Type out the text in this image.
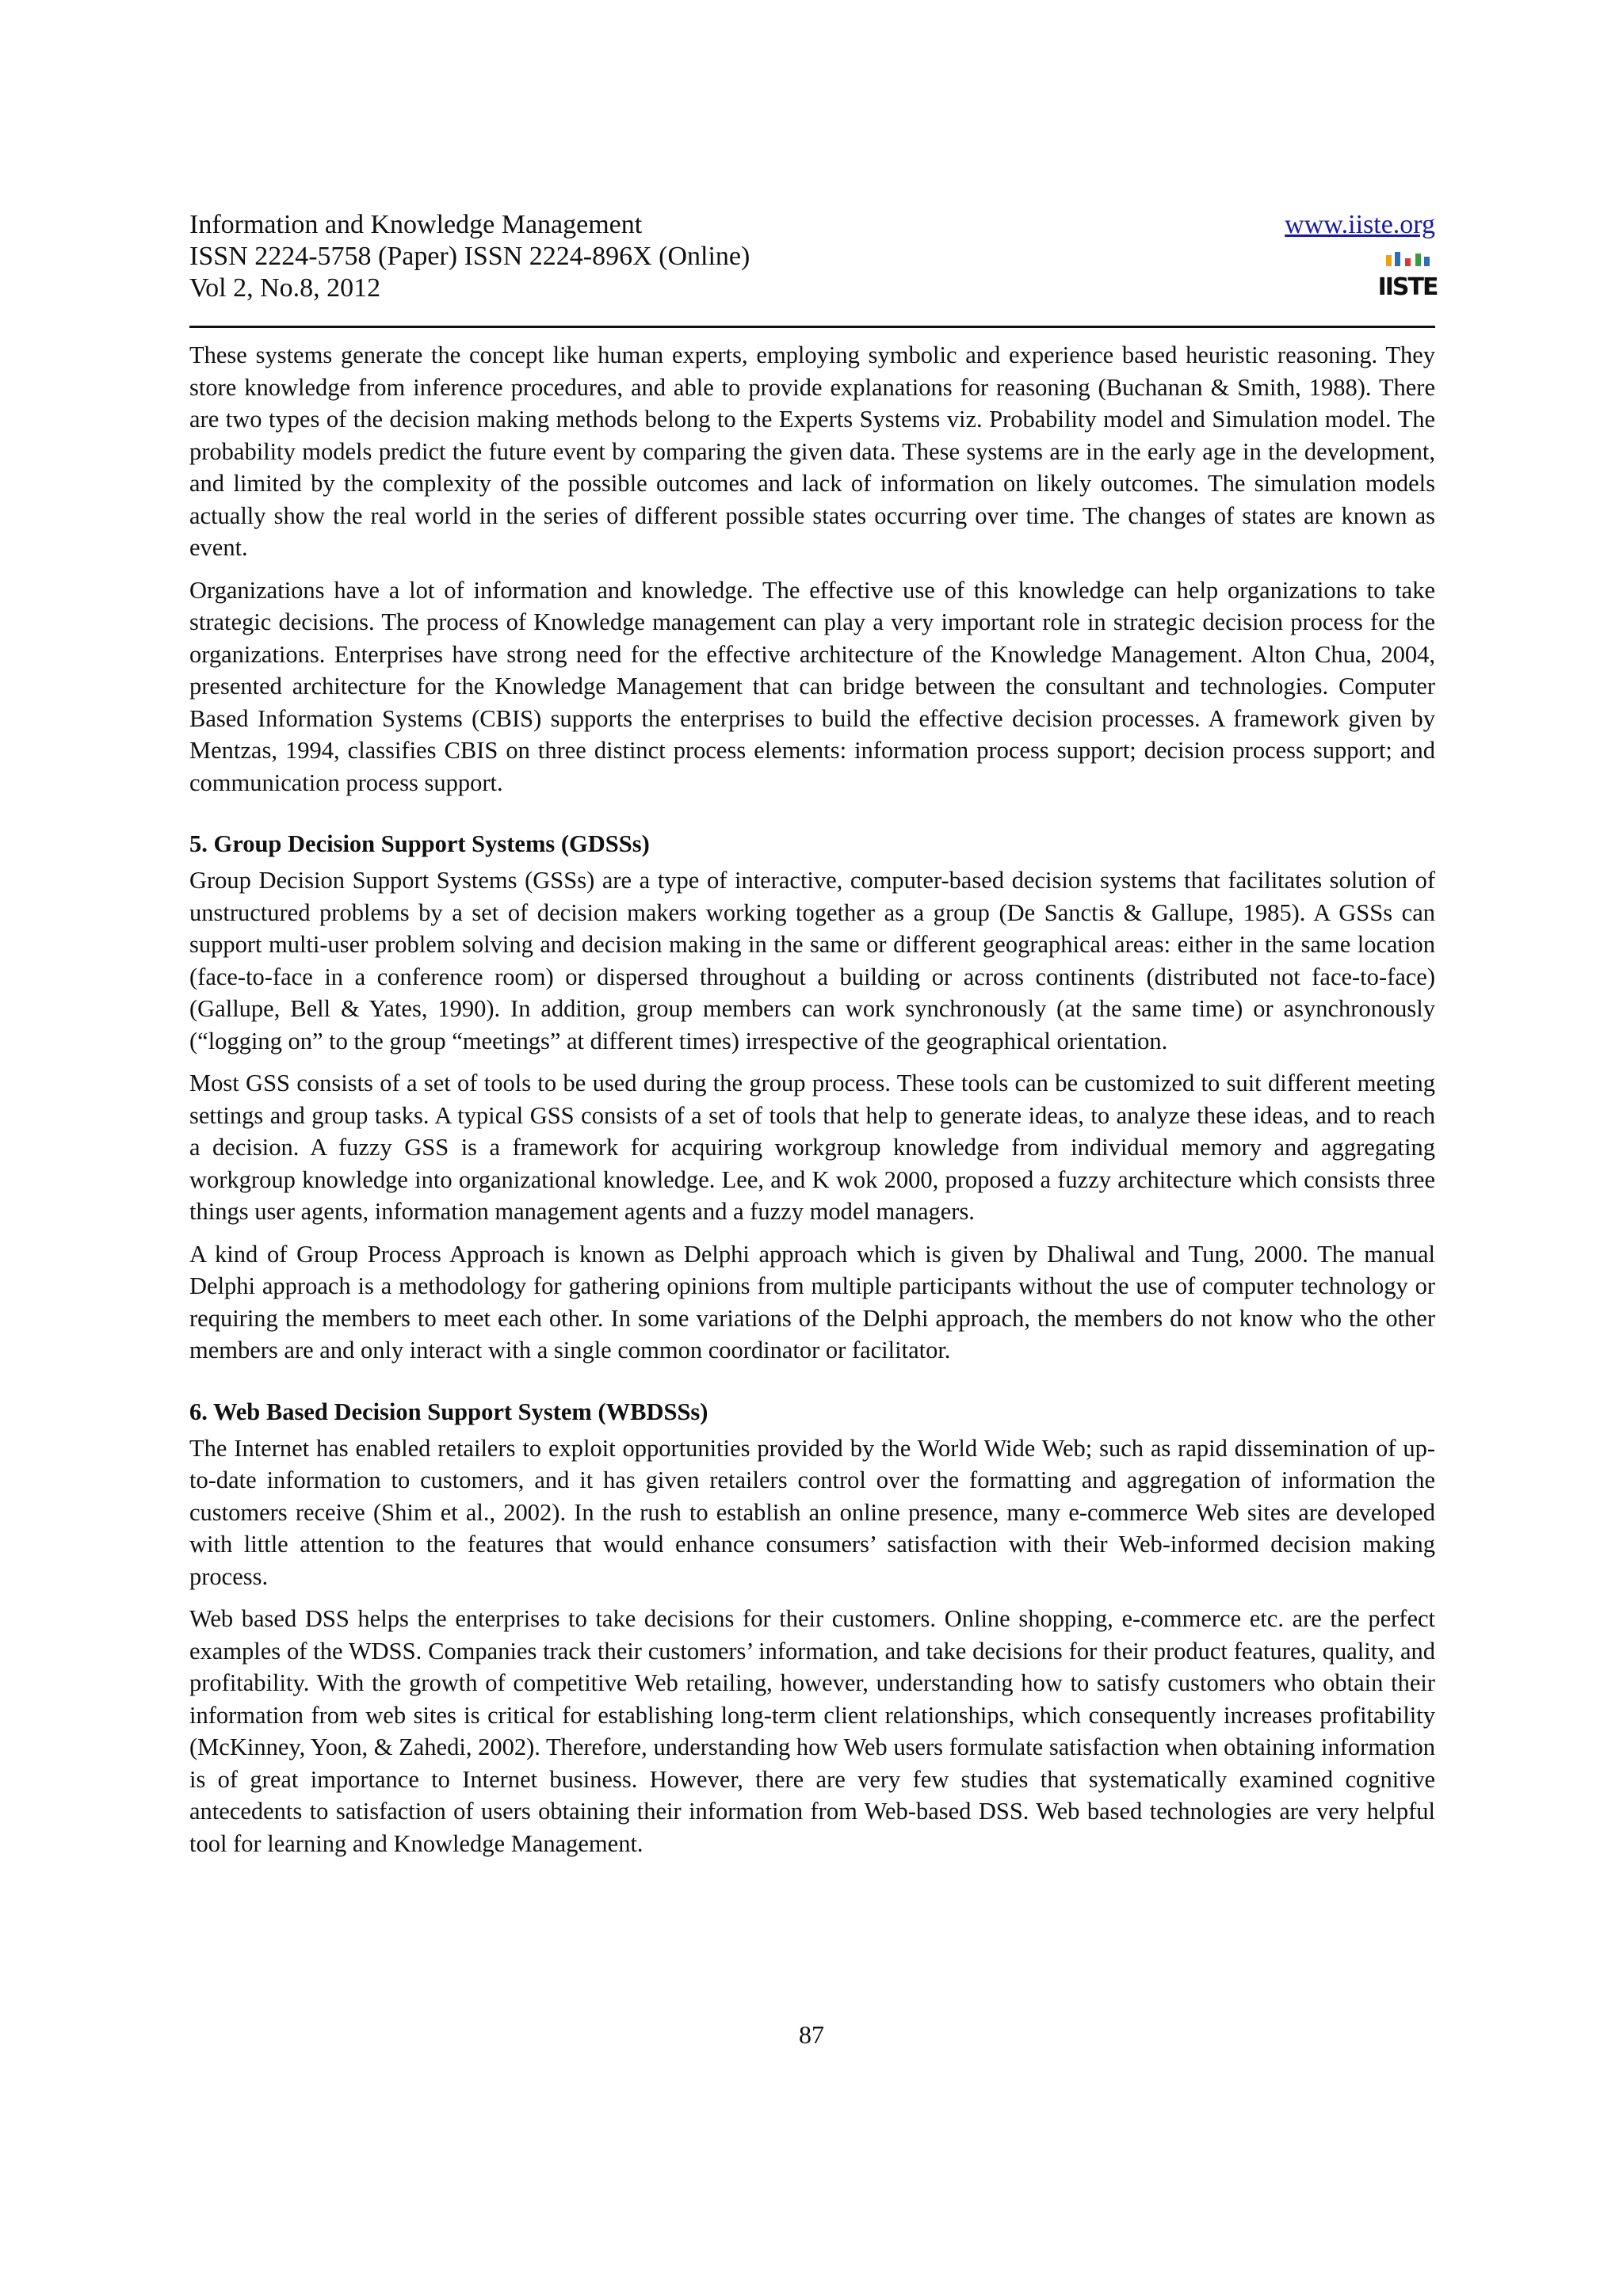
Information and Knowledge Management
ISSN 2224-5758 (Paper) ISSN 2224-896X (Online)
Vol 2, No.8, 2012
www.iiste.org
IISTE

These systems generate the concept like human experts, employing symbolic and experience based heuristic reasoning. They store knowledge from inference procedures, and able to provide explanations for reasoning (Buchanan & Smith, 1988). There are two types of the decision making methods belong to the Experts Systems viz. Probability model and Simulation model. The probability models predict the future event by comparing the given data. These systems are in the early age in the development, and limited by the complexity of the possible outcomes and lack of information on likely outcomes. The simulation models actually show the real world in the series of different possible states occurring over time. The changes of states are known as event.

Organizations have a lot of information and knowledge. The effective use of this knowledge can help organizations to take strategic decisions. The process of Knowledge management can play a very important role in strategic decision process for the organizations. Enterprises have strong need for the effective architecture of the Knowledge Management. Alton Chua, 2004, presented architecture for the Knowledge Management that can bridge between the consultant and technologies. Computer Based Information Systems (CBIS) supports the enterprises to build the effective decision processes. A framework given by Mentzas, 1994, classifies CBIS on three distinct process elements: information process support; decision process support; and communication process support.

5. Group Decision Support Systems (GDSSs)

Group Decision Support Systems (GSSs) are a type of interactive, computer-based decision systems that facilitates solution of unstructured problems by a set of decision makers working together as a group (De Sanctis & Gallupe, 1985). A GSSs can support multi-user problem solving and decision making in the same or different geographical areas: either in the same location (face-to-face in a conference room) or dispersed throughout a building or across continents (distributed not face-to-face) (Gallupe, Bell & Yates, 1990). In addition, group members can work synchronously (at the same time) or asynchronously (“logging on” to the group “meetings” at different times) irrespective of the geographical orientation.

Most GSS consists of a set of tools to be used during the group process. These tools can be customized to suit different meeting settings and group tasks. A typical GSS consists of a set of tools that help to generate ideas, to analyze these ideas, and to reach a decision. A fuzzy GSS is a framework for acquiring workgroup knowledge from individual memory and aggregating workgroup knowledge into organizational knowledge. Lee, and K wok 2000, proposed a fuzzy architecture which consists three things user agents, information management agents and a fuzzy model managers.

A kind of Group Process Approach is known as Delphi approach which is given by Dhaliwal and Tung, 2000. The manual Delphi approach is a methodology for gathering opinions from multiple participants without the use of computer technology or requiring the members to meet each other. In some variations of the Delphi approach, the members do not know who the other members are and only interact with a single common coordinator or facilitator.

6. Web Based Decision Support System (WBDSSs)

The Internet has enabled retailers to exploit opportunities provided by the World Wide Web; such as rapid dissemination of up-to-date information to customers, and it has given retailers control over the formatting and aggregation of information the customers receive (Shim et al., 2002). In the rush to establish an online presence, many e-commerce Web sites are developed with little attention to the features that would enhance consumers’ satisfaction with their Web-informed decision making process.

Web based DSS helps the enterprises to take decisions for their customers. Online shopping, e-commerce etc. are the perfect examples of the WDSS. Companies track their customers’ information, and take decisions for their product features, quality, and profitability. With the growth of competitive Web retailing, however, understanding how to satisfy customers who obtain their information from web sites is critical for establishing long-term client relationships, which consequently increases profitability (McKinney, Yoon, & Zahedi, 2002). Therefore, understanding how Web users formulate satisfaction when obtaining information is of great importance to Internet business. However, there are very few studies that systematically examined cognitive antecedents to satisfaction of users obtaining their information from Web-based DSS. Web based technologies are very helpful tool for learning and Knowledge Management.

87
